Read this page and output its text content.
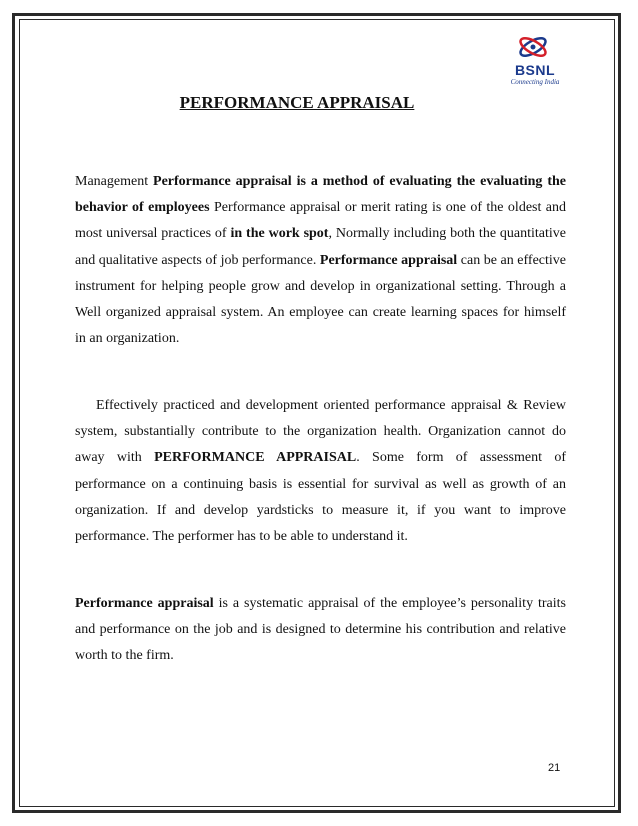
BSNL
Connecting India
PERFORMANCE APPRAISAL

Management Performance appraisal is a method of evaluating the evaluating the behavior of employees Performance appraisal or merit rating is one of the oldest and most universal practices of in the work spot, Normally including both the quantitative and qualitative aspects of job performance. Performance appraisal can be an effective instrument for helping people grow and develop in organizational setting. Through a Well organized appraisal system. An employee can create learning spaces for himself in an organization.

Effectively practiced and development oriented performance appraisal & Review system, substantially contribute to the organization health. Organization cannot do away with PERFORMANCE APPRAISAL. Some form of assessment of performance on a continuing basis is essential for survival as well as growth of an organization. If and develop yardsticks to measure it, if you want to improve performance. The performer has to be able to understand it.

Performance appraisal is a systematic appraisal of the employee’s personality traits and performance on the job and is designed to determine his contribution and relative worth to the firm.

21
